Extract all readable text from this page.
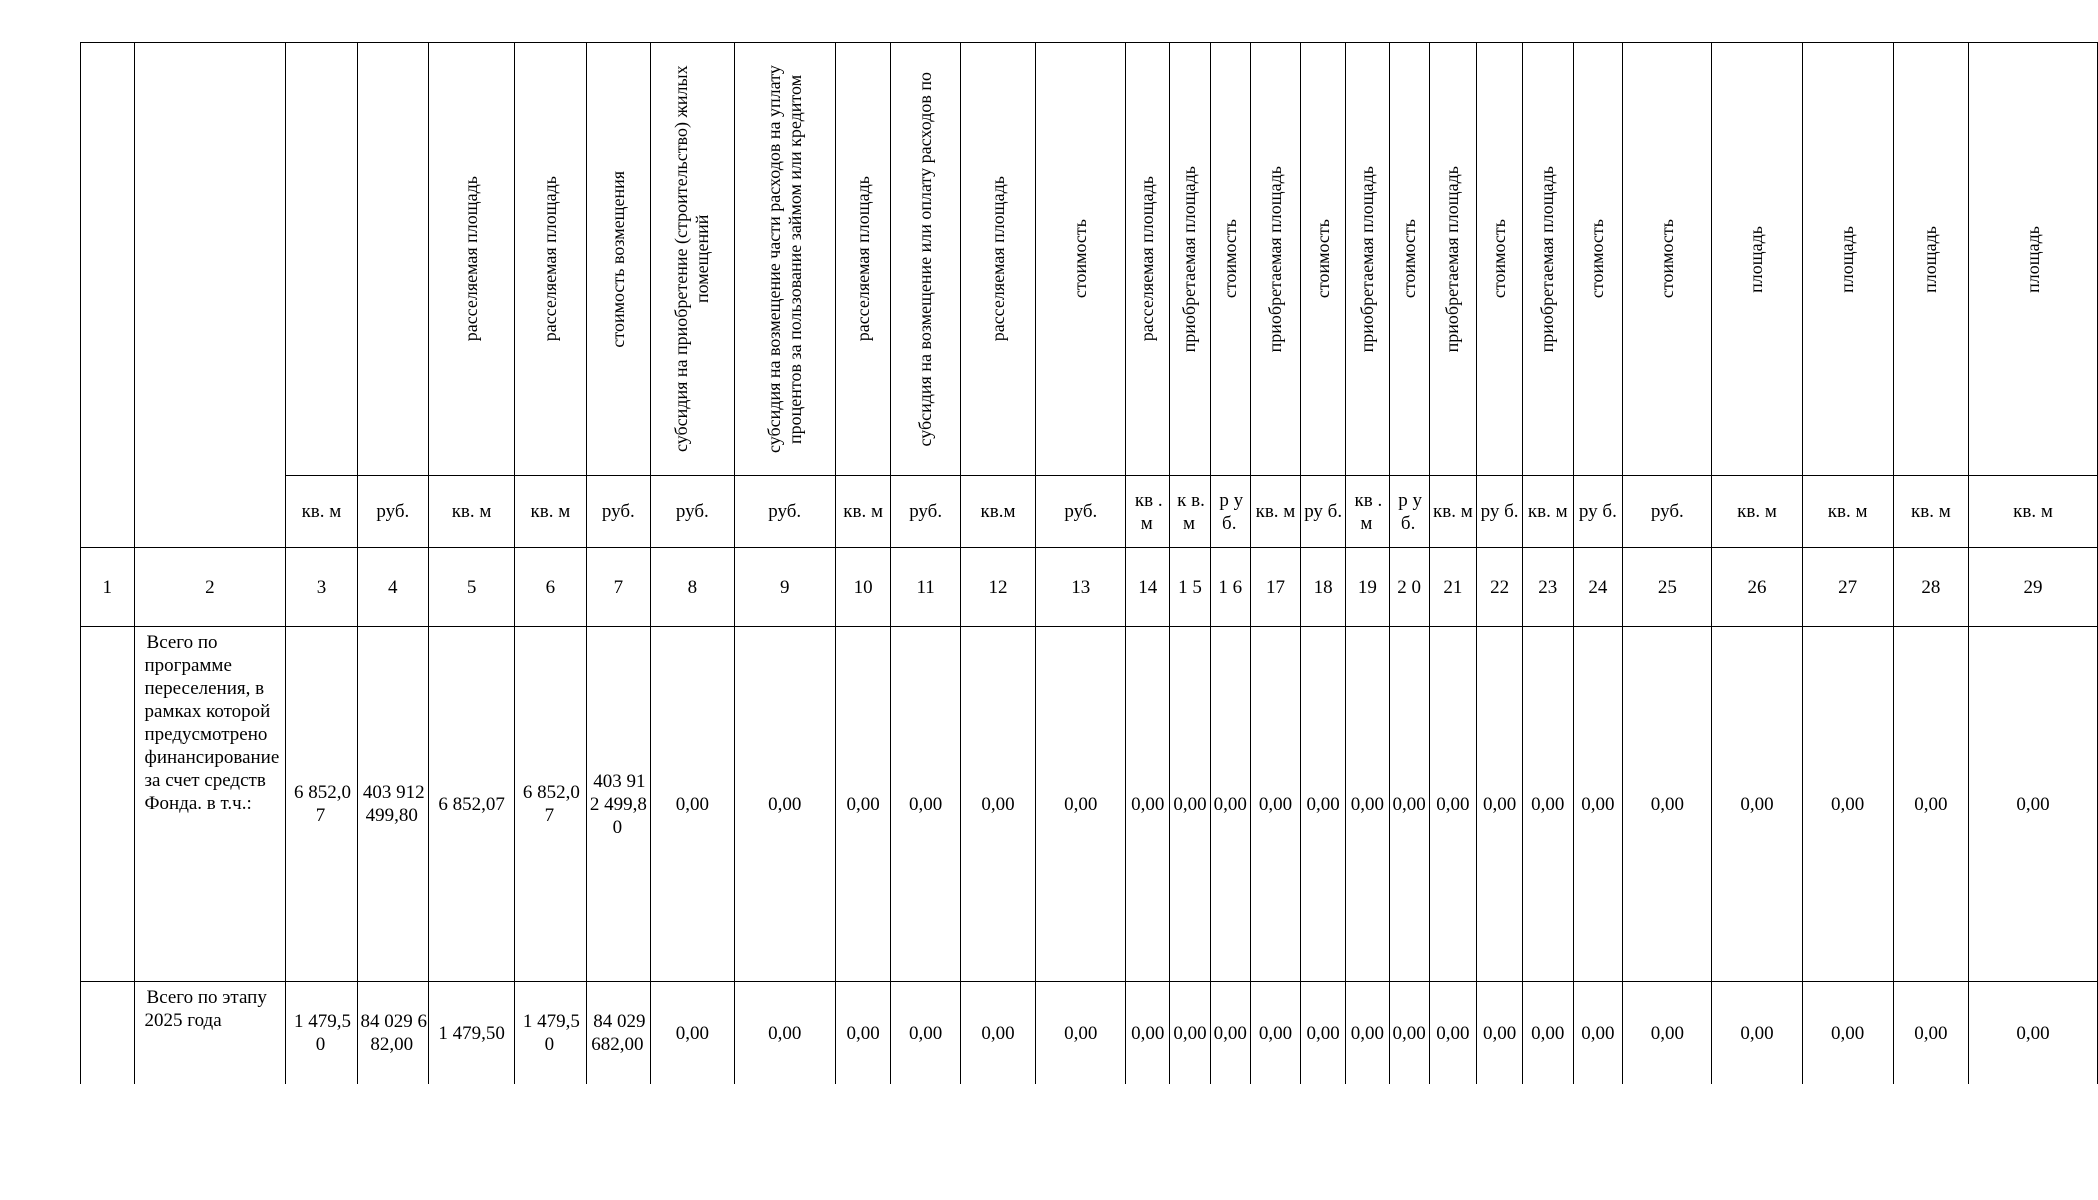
				расселяемая площадь	расселяемая площадь	стоимость возмещения	субсидия на приобретение (строительство) жилых помещений	субсидия на возмещение части расходов на уплату процентов за пользование займом или кредитом	расселяемая площадь	субсидия на возмещение или оплату расходов по	расселяемая площадь	стоимость	расселяемая площадь	приобретаемая площадь	стоимость	приобретаемая площадь	стоимость	приобретаемая площадь	стоимость	приобретаемая площадь	стоимость	приобретаемая площадь	стоимость	стоимость	площадь	площадь	площадь	площадь

		кв. м	руб.	кв. м	кв. м	руб.	руб.	руб.	кв. м	руб.	кв.м	руб.	кв .м	к в. м	р у б.	кв. м	ру б.	кв . м	р у б.	кв. м	ру б.	кв. м	ру б.	руб.	кв. м	кв. м	кв. м	кв. м
1	2	3	4	5	6	7	8	9	10	11	12	13	14	1 5	1 6	17	18	19	2 0	21	22	23	24	25	26	27	28	29
	Всего по программе переселения, в рамках которой предусмотрено финансирование за счет средств Фонда. в т.ч.:	6 852,07	403 912 499,80	6 852,07	6 852,07	403 912 499,80	0,00	0,00	0,00	0,00	0,00	0,00	0,00	0,00	0,00	0,00	0,00	0,00	0,00	0,00	0,00	0,00	0,00	0,00	0,00	0,00	0,00	0,00
	Всего по этапу 2025 года	1 479,50	84 029 682,00	1 479,50	1 479,50	84 029 682,00	0,00	0,00	0,00	0,00	0,00	0,00	0,00	0,00	0,00	0,00	0,00	0,00	0,00	0,00	0,00	0,00	0,00	0,00	0,00	0,00	0,00	0,00
